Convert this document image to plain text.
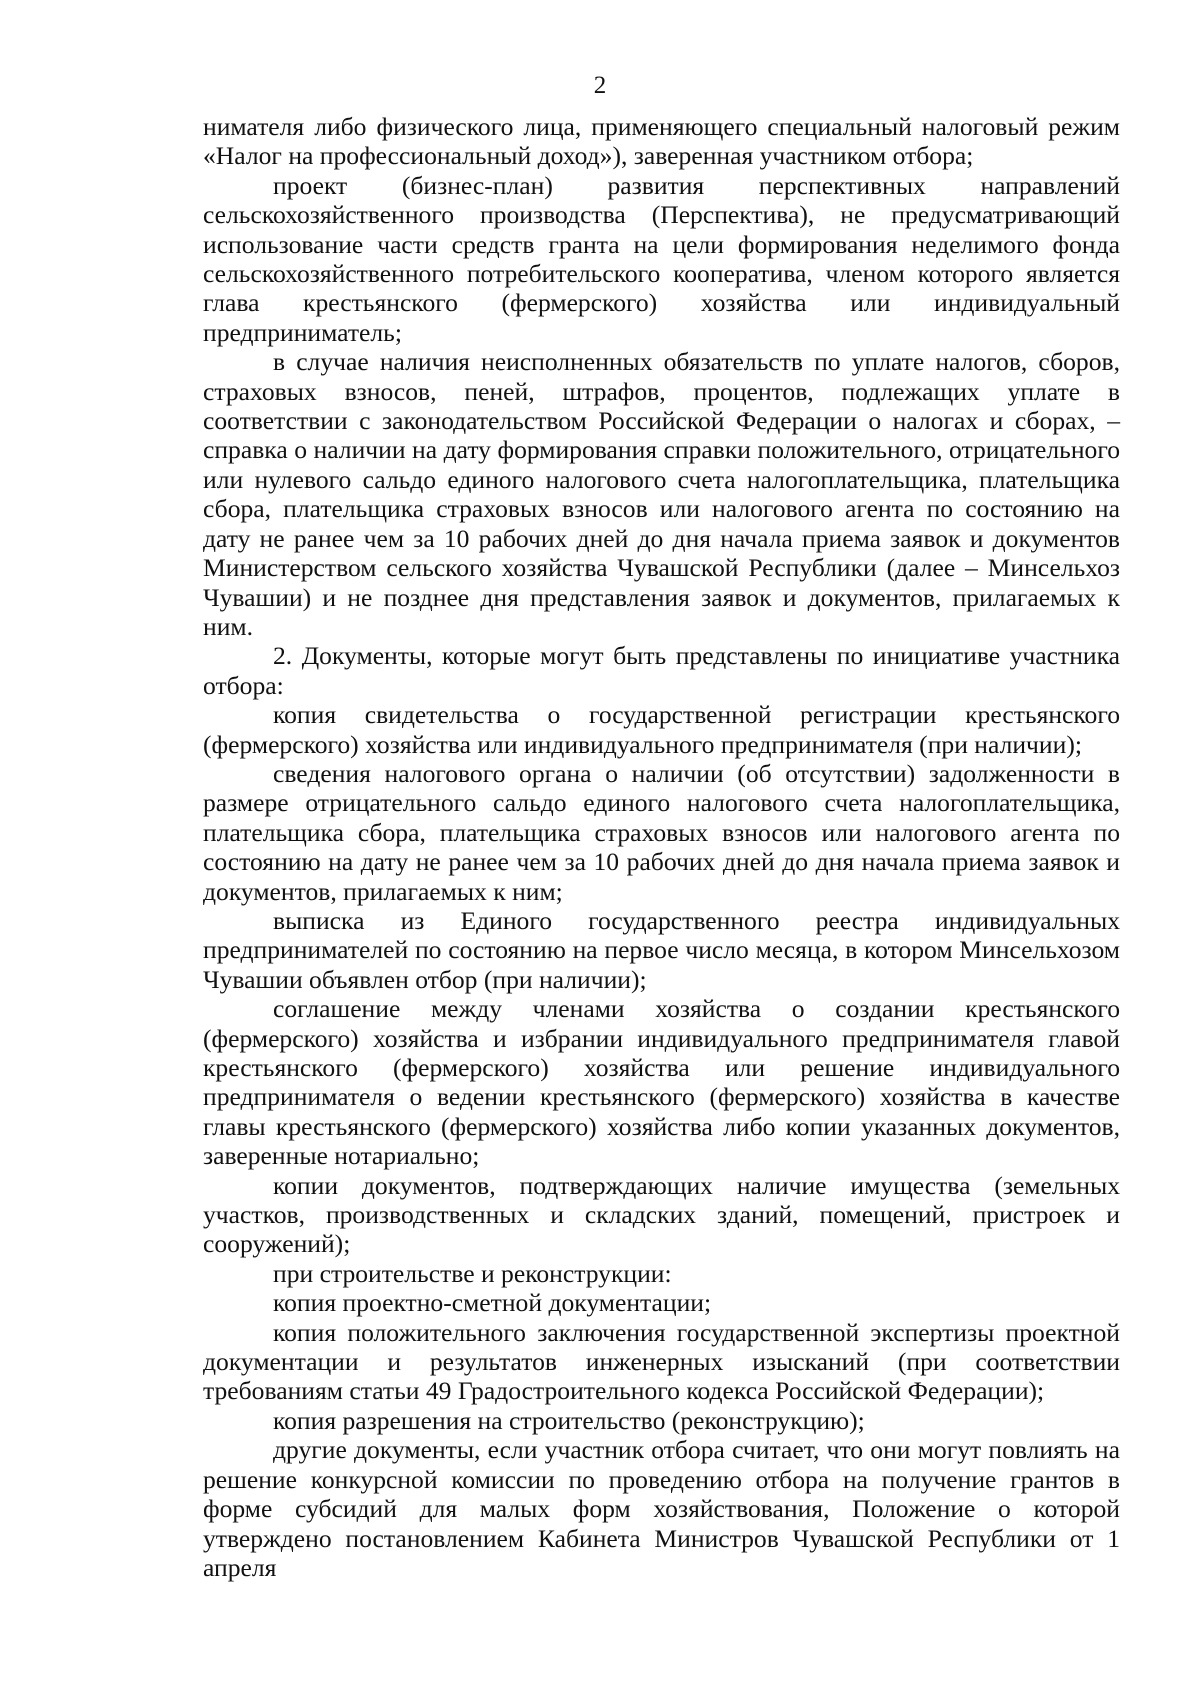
2

нимателя либо физического лица, применяющего специальный налоговый режим «Налог на профессиональный доход»), заверенная участником отбора;

проект (бизнес-план) развития перспективных направлений сельскохозяйственного производства (Перспектива), не предусматривающий использование части средств гранта на цели формирования неделимого фонда сельскохозяйственного потребительского кооператива, членом которого является глава крестьянского (фермерского) хозяйства или индивидуальный предприниматель;

в случае наличия неисполненных обязательств по уплате налогов, сборов, страховых взносов, пеней, штрафов, процентов, подлежащих уплате в соответствии с законодательством Российской Федерации о налогах и сборах, – справка о наличии на дату формирования справки положительного, отрицательного или нулевого сальдо единого налогового счета налогоплательщика, плательщика сбора, плательщика страховых взносов или налогового агента по состоянию на дату не ранее чем за 10 рабочих дней до дня начала приема заявок и документов Министерством сельского хозяйства Чувашской Республики (далее – Минсельхоз Чувашии) и не позднее дня представления заявок и документов, прилагаемых к ним.

2. Документы, которые могут быть представлены по инициативе участника отбора:

копия свидетельства о государственной регистрации крестьянского (фермерского) хозяйства или индивидуального предпринимателя (при наличии);

сведения налогового органа о наличии (об отсутствии) задолженности в размере отрицательного сальдо единого налогового счета налогоплательщика, плательщика сбора, плательщика страховых взносов или налогового агента по состоянию на дату не ранее чем за 10 рабочих дней до дня начала приема заявок и документов, прилагаемых к ним;

выписка из Единого государственного реестра индивидуальных предпринимателей по состоянию на первое число месяца, в котором Минсельхозом Чувашии объявлен отбор (при наличии);

соглашение между членами хозяйства о создании крестьянского (фермерского) хозяйства и избрании индивидуального предпринимателя главой крестьянского (фермерского) хозяйства или решение индивидуального предпринимателя о ведении крестьянского (фермерского) хозяйства в качестве главы крестьянского (фермерского) хозяйства либо копии указанных документов, заверенные нотариально;

копии документов, подтверждающих наличие имущества (земельных участков, производственных и складских зданий, помещений, пристроек и сооружений);

при строительстве и реконструкции:

копия проектно-сметной документации;

копия положительного заключения государственной экспертизы проектной документации и результатов инженерных изысканий (при соответствии требованиям статьи 49 Градостроительного кодекса Российской Федерации);

копия разрешения на строительство (реконструкцию);

другие документы, если участник отбора считает, что они могут повлиять на решение конкурсной комиссии по проведению отбора на получение грантов в форме субсидий для малых форм хозяйствования, Положение о которой утверждено постановлением Кабинета Министров Чувашской Республики от 1 апреля
